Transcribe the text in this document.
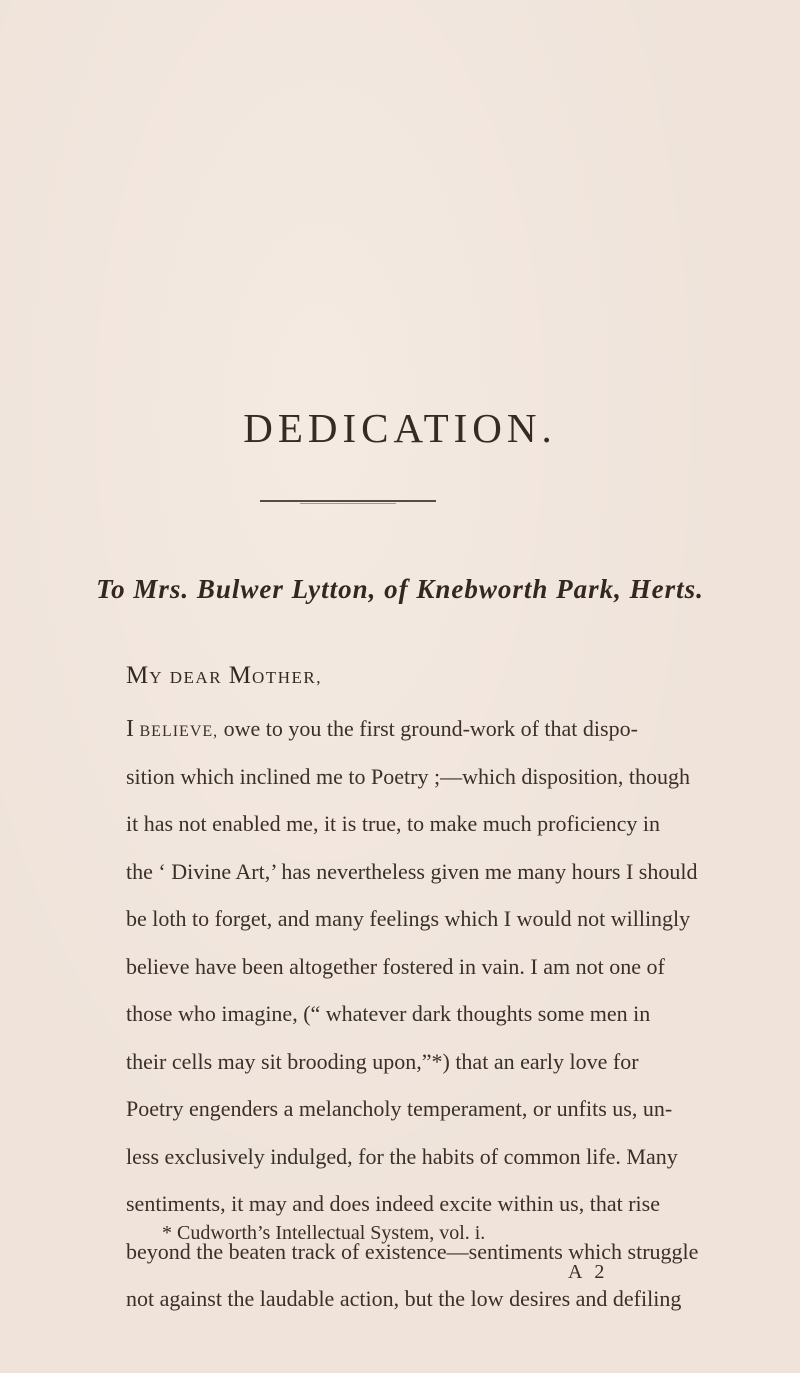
DEDICATION.
To Mrs. Bulwer Lytton, of Knebworth Park, Herts.
MY DEAR MOTHER,
I BELIEVE, owe to you the first ground-work of that dispo-
sition which inclined me to Poetry ;—which disposition, though
it has not enabled me, it is true, to make much proficiency in
the ‘ Divine Art,’ has nevertheless given me many hours I should
be loth to forget, and many feelings which I would not willingly
believe have been altogether fostered in vain. I am not one of
those who imagine, (“ whatever dark thoughts some men in
their cells may sit brooding upon,”*) that an early love for
Poetry engenders a melancholy temperament, or unfits us, un-
less exclusively indulged, for the habits of common life. Many
sentiments, it may and does indeed excite within us, that rise
beyond the beaten track of existence—sentiments which struggle
not against the laudable action, but the low desires and defiling
* Cudworth’s Intellectual System, vol. i.
A 2
